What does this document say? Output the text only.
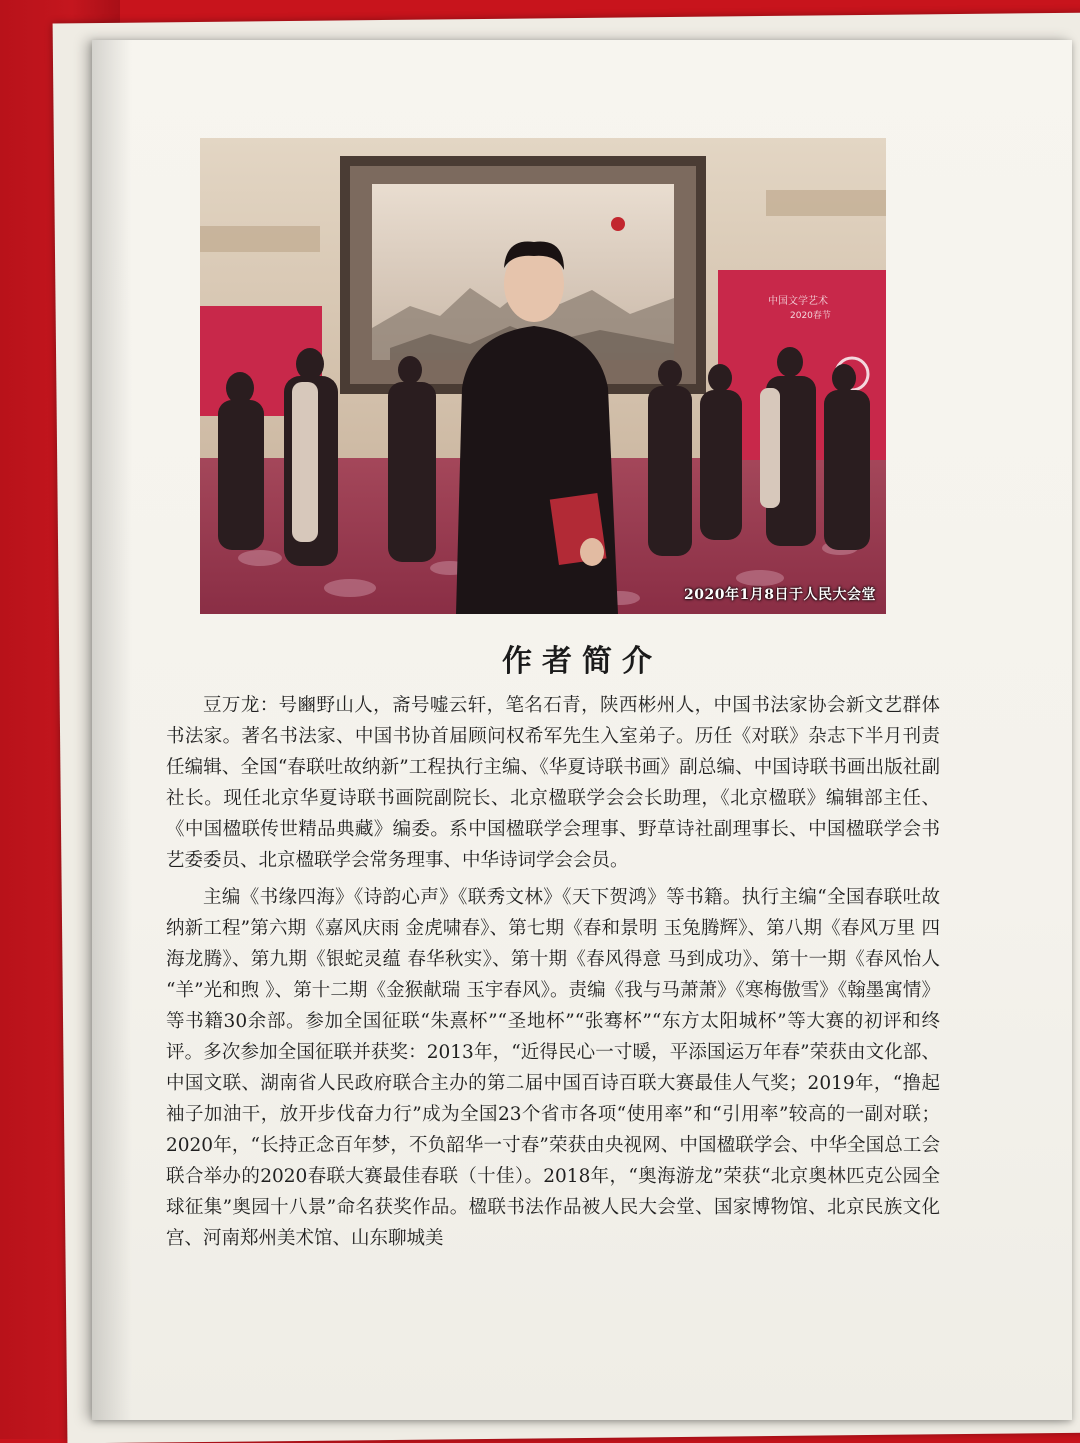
中国文学艺术
2020春节
2020年1月8日于人民大会堂
作者简介

豆万龙：号豳野山人，斋号嘘云轩，笔名石青，陕西彬州人，中国书法家协会新文艺群体书法家。著名书法家、中国书协首届顾问权希军先生入室弟子。历任《对联》杂志下半月刊责任编辑、全国“春联吐故纳新”工程执行主编、《华夏诗联书画》副总编、中国诗联书画出版社副社长。现任北京华夏诗联书画院副院长、北京楹联学会会长助理，《北京楹联》编辑部主任、《中国楹联传世精品典藏》编委。系中国楹联学会理事、野草诗社副理事长、中国楹联学会书艺委委员、北京楹联学会常务理事、中华诗词学会会员。

主编《书缘四海》《诗韵心声》《联秀文林》《天下贺鸿》等书籍。执行主编“全国春联吐故纳新工程”第六期《嘉风庆雨 金虎啸春》、第七期《春和景明 玉兔腾辉》、第八期《春风万里 四海龙腾》、第九期《银蛇灵蕴 春华秋实》、第十期《春风得意 马到成功》、第十一期《春风怡人 “羊”光和煦 》、第十二期《金猴献瑞 玉宇春风》。责编《我与马萧萧》《寒梅傲雪》《翰墨寓情》等书籍30余部。参加全国征联“朱熹杯”“圣地杯”“张骞杯”“东方太阳城杯”等大赛的初评和终评。多次参加全国征联并获奖：2013年，“近得民心一寸暖，平添国运万年春”荣获由文化部、中国文联、湖南省人民政府联合主办的第二届中国百诗百联大赛最佳人气奖；2019年，“撸起袖子加油干，放开步伐奋力行”成为全国23个省市各项“使用率”和“引用率”较高的一副对联；2020年，“长持正念百年梦，不负韶华一寸春”荣获由央视网、中国楹联学会、中华全国总工会联合举办的2020春联大赛最佳春联（十佳）。2018年，“奥海游龙”荣获“北京奥林匹克公园全球征集”奥园十八景”命名获奖作品。楹联书法作品被人民大会堂、国家博物馆、北京民族文化宫、河南郑州美术馆、山东聊城美
